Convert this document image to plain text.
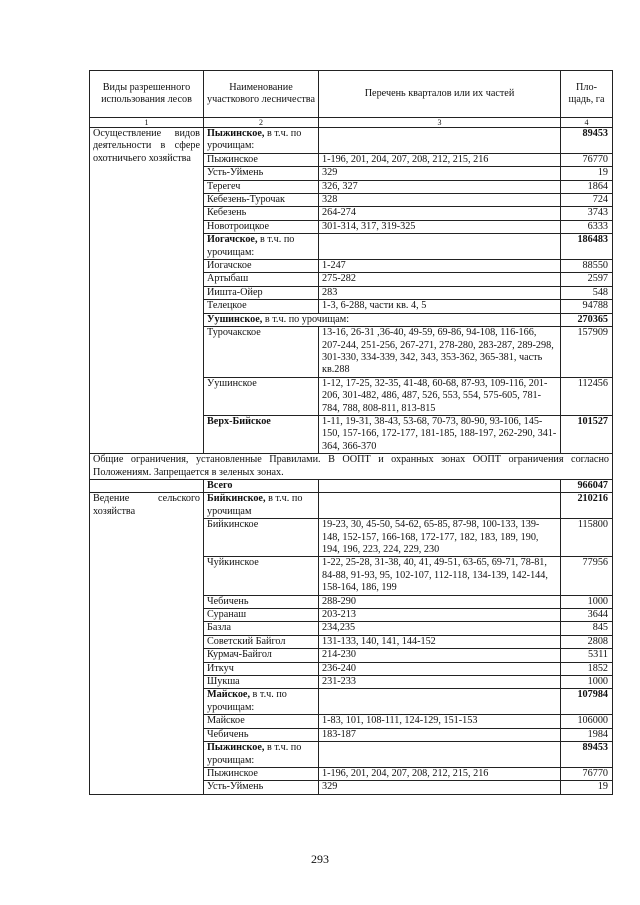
Виды разрешенного использования лесов	Наименование участкового лесничества	Перечень кварталов или их частей	Пло-щадь, га
1	2	3	4
Осуществление видов деятельности в сфере охотничьего хозяйства	Пыжинское, в т.ч. по урочищам:		89453
	Пыжинское	1-196, 201, 204, 207, 208, 212, 215, 216	76770
	Усть-Уймень	329	19
	Терегеч	326, 327	1864
	Кебезень-Турочак	328	724
	Кебезень	264-274	3743
	Новотроицкое	301-314, 317, 319-325	6333
	Иогачское, в т.ч. по урочищам:		186483
	Иогачское	1-247	88550
	Артыбаш	275-282	2597
	Иишта-Ойер	283	548
	Телецкое	1-3, 6-288, части кв. 4, 5	94788
	Уушинское, в т.ч. по урочищам:		270365
	Турочакское	13-16, 26-31 ,36-40, 49-59, 69-86, 94-108, 116-166, 207-244, 251-256, 267-271, 278-280, 283-287, 289-298, 301-330, 334-339, 342, 343, 353-362, 365-381, часть кв.288	157909
	Уушинское	1-12, 17-25, 32-35, 41-48, 60-68, 87-93, 109-116, 201-206, 301-482, 486, 487, 526, 553, 554, 575-605, 781-784, 788, 808-811, 813-815	112456
	Верх-Бийское	1-11, 19-31, 38-43, 53-68, 70-73, 80-90, 93-106, 145-150, 157-166, 172-177, 181-185, 188-197, 262-290, 341-364, 366-370	101527
Общие ограничения, установленные Правилами. В ООПТ и охранных зонах ООПТ ограничения согласно Положениям. Запрещается в зеленых зонах.			
	Всего		966047
Ведение сельского хозяйства	Бийкинское, в т.ч. по урочищам		210216
	Бийкинское	19-23, 30, 45-50, 54-62, 65-85, 87-98, 100-133, 139-148, 152-157, 166-168, 172-177, 182, 183, 189, 190, 194, 196, 223, 224, 229, 230	115800
	Чуйкинское	1-22, 25-28, 31-38, 40, 41, 49-51, 63-65, 69-71, 78-81, 84-88, 91-93, 95, 102-107, 112-118, 134-139, 142-144, 158-164, 186, 199	77956
	Чебичень	288-290	1000
	Суранаш	203-213	3644
	Базла	234,235	845
	Советский Байгол	131-133, 140, 141, 144-152	2808
	Курмач-Байгол	214-230	5311
	Иткуч	236-240	1852
	Шукша	231-233	1000
	Майское, в т.ч. по урочищам:		107984
	Майское	1-83, 101, 108-111, 124-129, 151-153	106000
	Чебичень	183-187	1984
	Пыжинское, в т.ч. по урочищам:		89453
	Пыжинское	1-196, 201, 204, 207, 208, 212, 215, 216	76770
	Усть-Уймень	329	19
293
